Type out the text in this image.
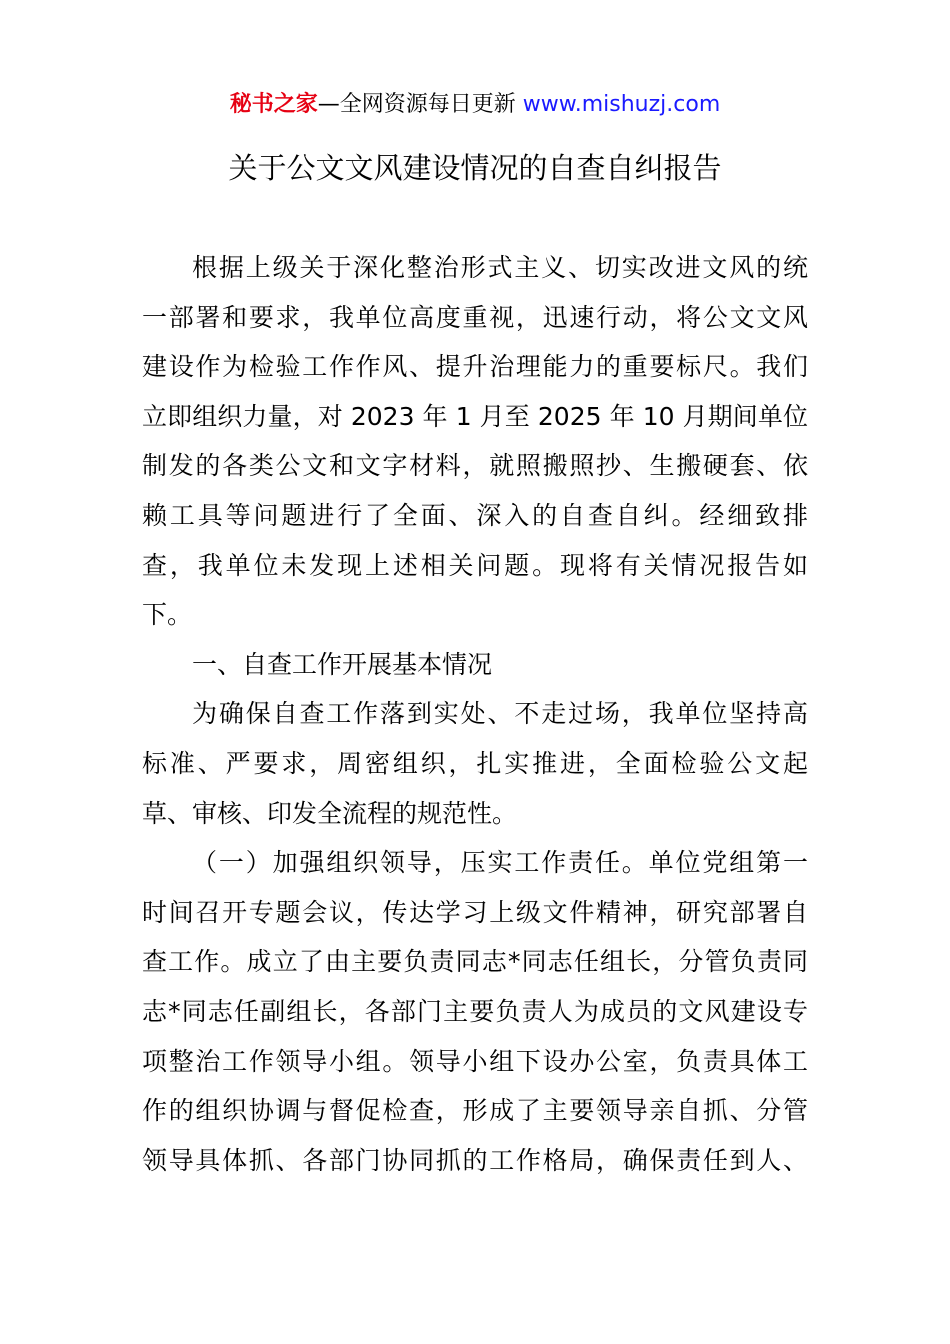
秘书之家—全网资源每日更新 www.mishuzj.com
关于公文文风建设情况的自查自纠报告
根据上级关于深化整治形式主义、切实改进文风的统
一部署和要求，我单位高度重视，迅速行动，将公文文风
建设作为检验工作作风、提升治理能力的重要标尺。我们
立即组织力量，对 2023 年 1 月至 2025 年 10 月期间单位
制发的各类公文和文字材料，就照搬照抄、生搬硬套、依
赖工具等问题进行了全面、深入的自查自纠。经细致排
查，我单位未发现上述相关问题。现将有关情况报告如
下。
一、自查工作开展基本情况
为确保自查工作落到实处、不走过场，我单位坚持高
标准、严要求，周密组织，扎实推进，全面检验公文起
草、审核、印发全流程的规范性。
（一）加强组织领导，压实工作责任。单位党组第一
时间召开专题会议，传达学习上级文件精神，研究部署自
查工作。成立了由主要负责同志*同志任组长，分管负责同
志*同志任副组长，各部门主要负责人为成员的文风建设专
项整治工作领导小组。领导小组下设办公室，负责具体工
作的组织协调与督促检查，形成了主要领导亲自抓、分管
领导具体抓、各部门协同抓的工作格局，确保责任到人、
